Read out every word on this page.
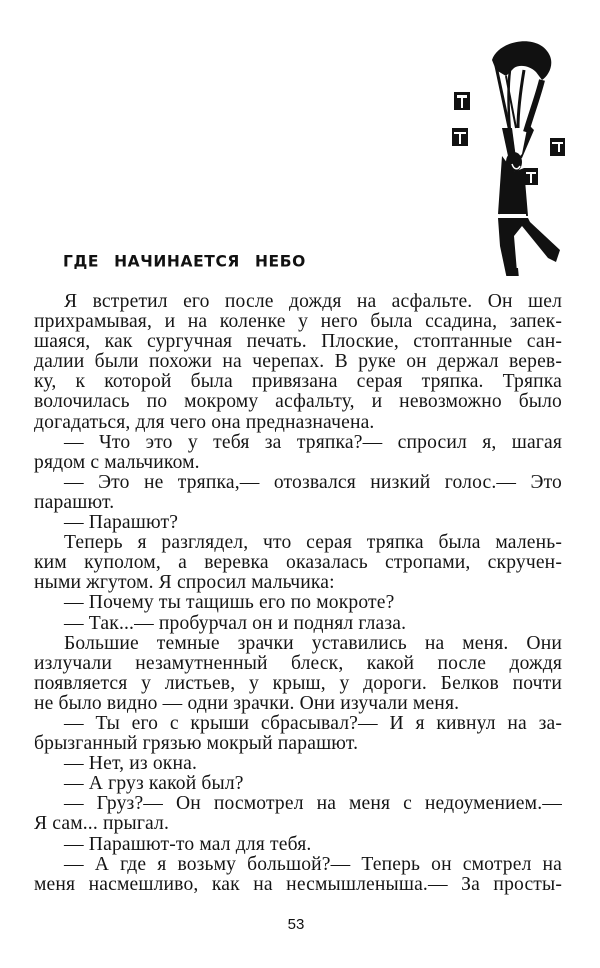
ГДЕ НАЧИНАЕТСЯ НЕБО
Я встретил его после дождя на асфальте. Он шел
прихрамывая, и на коленке у него была ссадина, запек-
шаяся, как сургучная печать. Плоские, стоптанные сан-
далии были похожи на черепах. В руке он держал верев-
ку, к которой была привязана серая тряпка. Тряпка
волочилась по мокрому асфальту, и невозможно было
догадаться, для чего она предназначена.
— Что это у тебя за тряпка?— спросил я, шагая
рядом с мальчиком.
— Это не тряпка,— отозвался низкий голос.— Это
парашют.
— Парашют?
Теперь я разглядел, что серая тряпка была малень-
ким куполом, а веревка оказалась стропами, скручен-
ными жгутом. Я спросил мальчика:
— Почему ты тащишь его по мокроте?
— Так...— пробурчал он и поднял глаза.
Большие темные зрачки уставились на меня. Они
излучали незамутненный блеск, какой после дождя
появляется у листьев, у крыш, у дороги. Белков почти
не было видно — одни зрачки. Они изучали меня.
— Ты его с крыши сбрасывал?— И я кивнул на за-
брызганный грязью мокрый парашют.
— Нет, из окна.
— А груз какой был?
— Груз?— Он посмотрел на меня с недоумением.—
Я сам... прыгал.
— Парашют-то мал для тебя.
— А где я возьму большой?— Теперь он смотрел на
меня насмешливо, как на несмышленыша.— За просты-
53
